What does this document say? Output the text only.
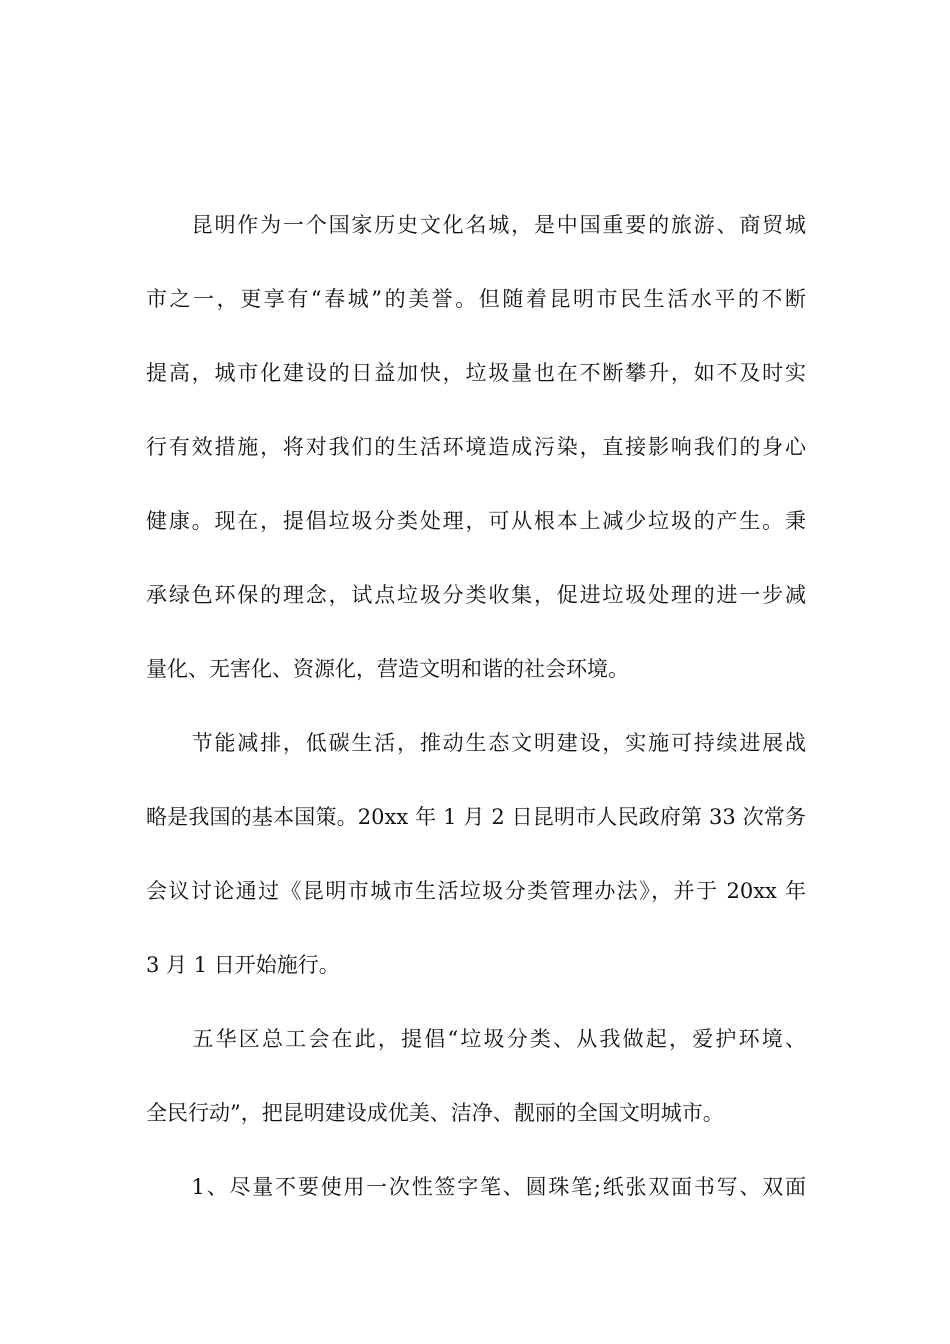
　　昆明作为一个国家历史文化名城，是中国重要的旅游、商贸城
市之一，更享有“春城”的美誉。但随着昆明市民生活水平的不断
提高，城市化建设的日益加快，垃圾量也在不断攀升，如不及时实
行有效措施，将对我们的生活环境造成污染，直接影响我们的身心
健康。现在，提倡垃圾分类处理，可从根本上减少垃圾的产生。秉
承绿色环保的理念，试点垃圾分类收集，促进垃圾处理的进一步减
量化、无害化、资源化，营造文明和谐的社会环境。
　　节能减排，低碳生活，推动生态文明建设，实施可持续进展战
略是我国的基本国策。20xx 年 1 月 2 日昆明市人民政府第 33 次常务
会议讨论通过《昆明市城市生活垃圾分类管理办法》，并于 20xx 年
3 月 1 日开始施行。
　　五华区总工会在此，提倡“垃圾分类、从我做起，爱护环境、
全民行动”，把昆明建设成优美、洁净、靓丽的全国文明城市。
　　1、尽量不要使用一次性签字笔、圆珠笔;纸张双面书写、双面
